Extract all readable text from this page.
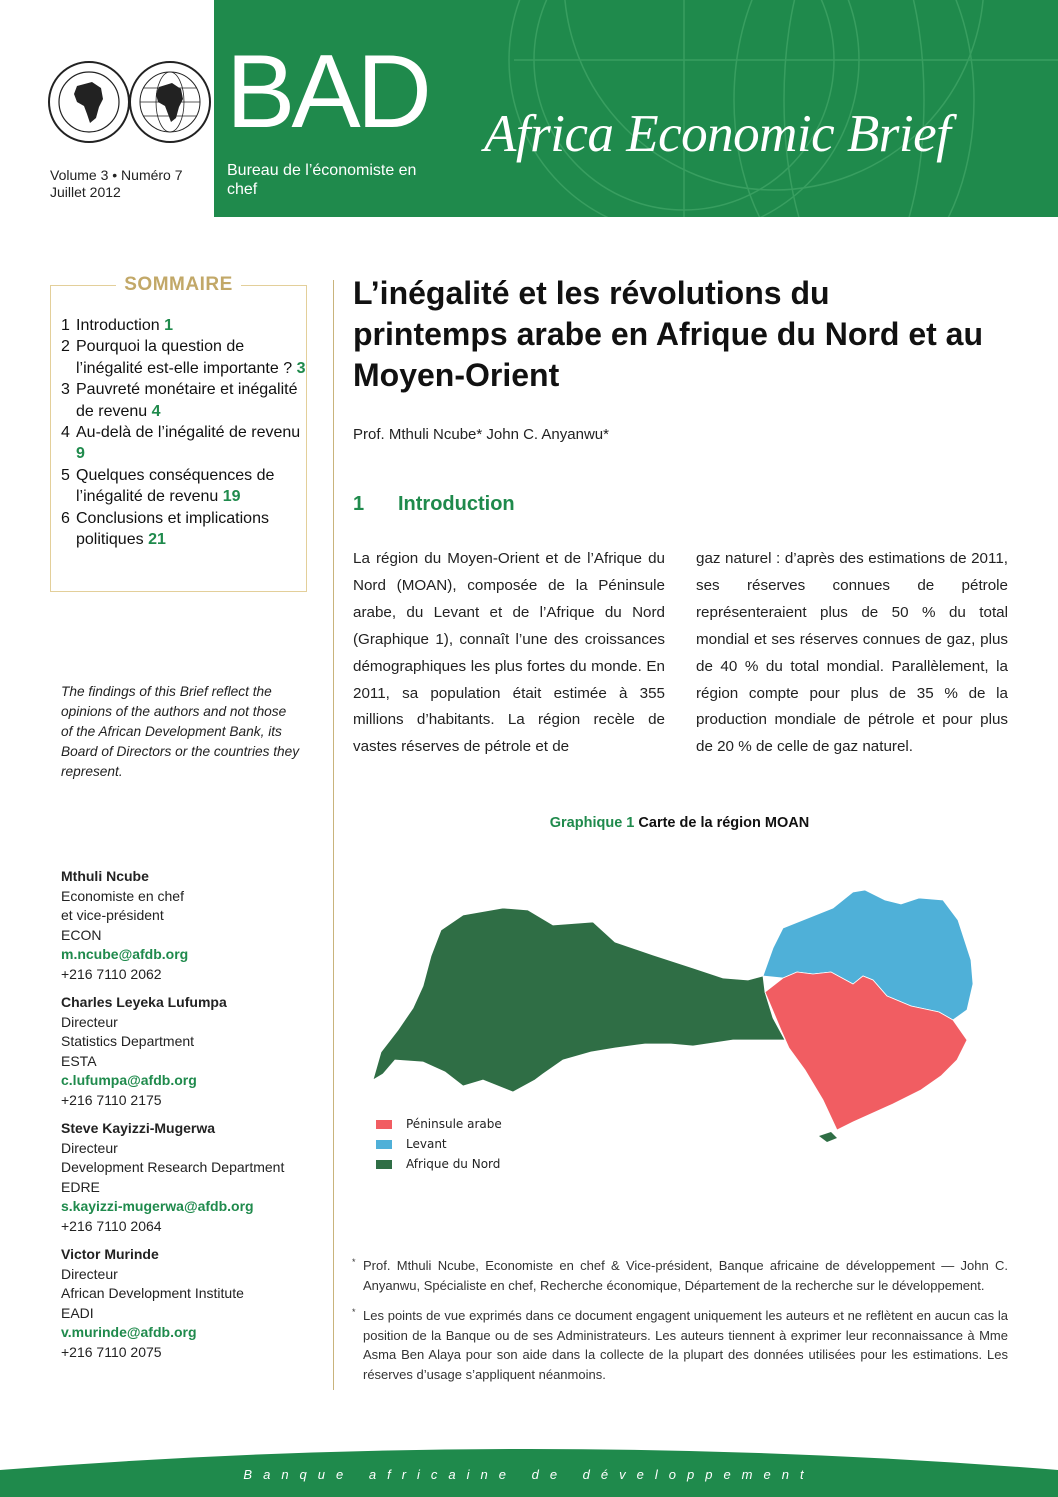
Volume 3 • Numéro 7
Juillet 2012
BAD
Bureau de l’économiste en chef
Africa Economic Brief
SOMMAIRE
1 Introduction 1
2 Pourquoi la question de l’inégalité est-elle importante ? 3
3 Pauvreté monétaire et inégalité de revenu 4
4 Au-delà de l’inégalité de revenu 9
5 Quelques conséquences de l’inégalité de revenu 19
6 Conclusions et implications politiques 21
The findings of this Brief reflect the opinions of the authors and not those of the African Development Bank, its Board of Directors or the countries they represent.
Mthuli Ncube
Economiste en chef
et vice-président
ECON
m.ncube@afdb.org
+216 7110 2062
Charles Leyeka Lufumpa
Directeur
Statistics Department
ESTA
c.lufumpa@afdb.org
+216 7110 2175
Steve Kayizzi-Mugerwa
Directeur
Development Research Department
EDRE
s.kayizzi-mugerwa@afdb.org
+216 7110 2064
Victor Murinde
Directeur
African Development Institute
EADI
v.murinde@afdb.org
+216 7110 2075
L’inégalité et les révolutions du printemps arabe en Afrique du Nord et au Moyen-Orient
Prof. Mthuli Ncube* John C. Anyanwu*
1 Introduction

La région du Moyen-Orient et de l’Afrique du Nord (MOAN), composée de la Péninsule arabe, du Levant et de l’Afrique du Nord (Graphique 1), connaît l’une des croissances démographiques les plus fortes du monde. En 2011, sa population était estimée à 355 millions d’habitants. La région recèle de vastes réserves de pétrole et de

gaz naturel : d’après des estimations de 2011, ses réserves connues de pétrole représenteraient plus de 50 % du total mondial et ses réserves connues de gaz, plus de 40 % du total mondial. Parallèlement, la région compte pour plus de 35 % de la production mondiale de pétrole et pour plus de 20 % de celle de gaz naturel.

Graphique 1 Carte de la région MOAN
Péninsule arabe
Levant
Afrique du Nord
* Prof. Mthuli Ncube, Economiste en chef & Vice-président, Banque africaine de développement — John C. Anyanwu, Spécialiste en chef, Recherche économique, Département de la recherche sur le développement.
* Les points de vue exprimés dans ce document engagent uniquement les auteurs et ne reflètent en aucun cas la position de la Banque ou de ses Administrateurs. Les auteurs tiennent à exprimer leur reconnaissance à Mme Asma Ben Alaya pour son aide dans la collecte de la plupart des données utilisées pour les estimations. Les réserves d’usage s’appliquent néanmoins.
Banque africaine de développement
